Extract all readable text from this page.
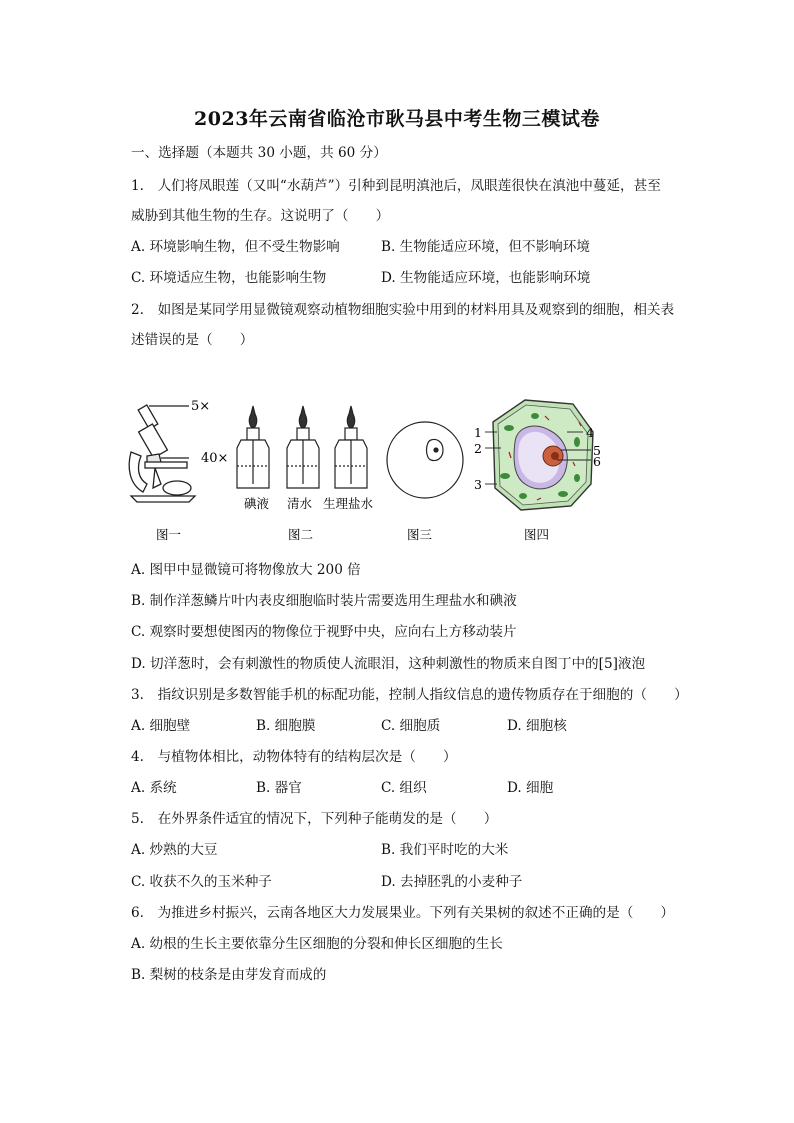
2023年云南省临沧市耿马县中考生物三模试卷
一、选择题（本题共 30 小题，共 60 分）
1.　人们将凤眼莲（又叫“水葫芦”）引种到昆明滇池后，凤眼莲很快在滇池中蔓延，甚至
威胁到其他生物的生存。这说明了（　　）
A. 环境影响生物，但不受生物影响	B. 生物能适应环境，但不影响环境
C. 环境适应生物，也能影响生物	D. 生物能适应环境，也能影响环境
2.　如图是某同学用显微镜观察动植物细胞实验中用到的材料用具及观察到的细胞，相关表
述错误的是（　　）
5×
40×
碘液 清水 生理盐水
1
2
3
4
5
6
图一	图二	图三	图四
A. 图甲中显微镜可将物像放大 200 倍
B. 制作洋葱鳞片叶内表皮细胞临时装片需要选用生理盐水和碘液
C. 观察时要想使图丙的物像位于视野中央，应向右上方移动装片
D. 切洋葱时，会有刺激性的物质使人流眼泪，这种刺激性的物质来自图丁中的[5]液泡
3.　指纹识别是多数智能手机的标配功能，控制人指纹信息的遗传物质存在于细胞的（　　）
A. 细胞壁	B. 细胞膜	C. 细胞质	D. 细胞核
4.　与植物体相比，动物体特有的结构层次是（　　）
A. 系统	B. 器官	C. 组织	D. 细胞
5.　在外界条件适宜的情况下，下列种子能萌发的是（　　）
A. 炒熟的大豆	B. 我们平时吃的大米
C. 收获不久的玉米种子	D. 去掉胚乳的小麦种子
6.　为推进乡村振兴，云南各地区大力发展果业。下列有关果树的叙述不正确的是（　　）
A. 幼根的生长主要依靠分生区细胞的分裂和伸长区细胞的生长
B. 梨树的枝条是由芽发育而成的
